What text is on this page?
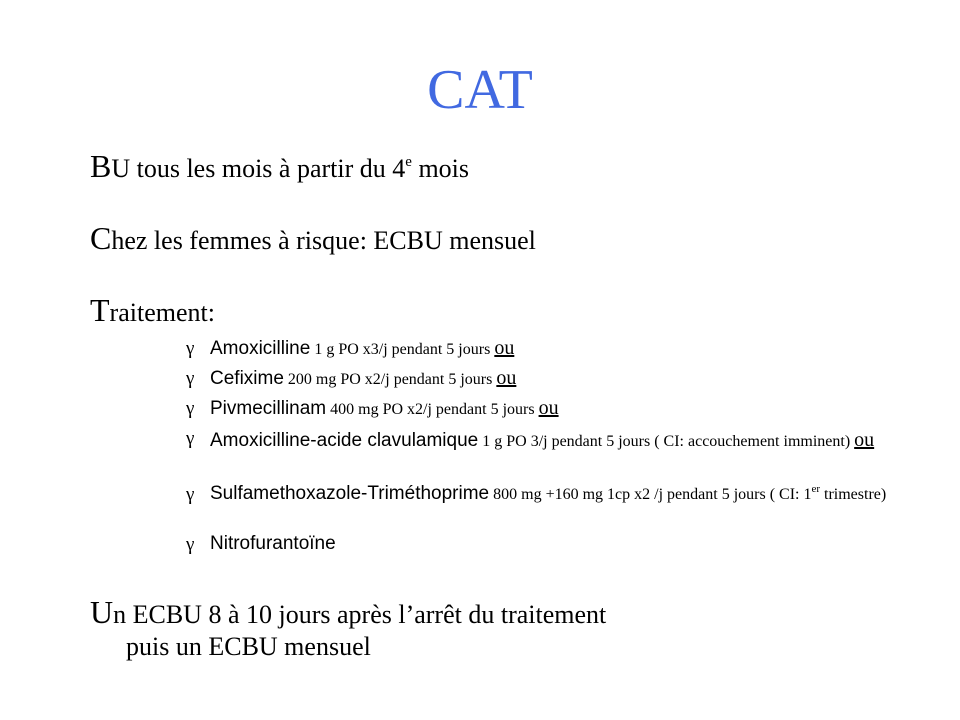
CAT
BU tous les mois à partir du 4e mois
Chez les femmes à risque: ECBU mensuel
Traitement:
γ Amoxicilline 1 g PO x3/j pendant 5 jours ou
γ Cefixime 200 mg PO x2/j pendant 5 jours ou
γ Pivmecillinam 400 mg PO x2/j pendant 5 jours ou
γ Amoxicilline-acide clavulamique 1 g PO 3/j pendant 5 jours ( CI: accouchement imminent) ou
γ Sulfamethoxazole-Triméthoprime 800 mg +160 mg 1cp x2 /j pendant 5 jours ( CI: 1er trimestre)
γ Nitrofurantoïne
Un ECBU 8 à 10 jours après l’arrêt du traitement
puis un ECBU mensuel
